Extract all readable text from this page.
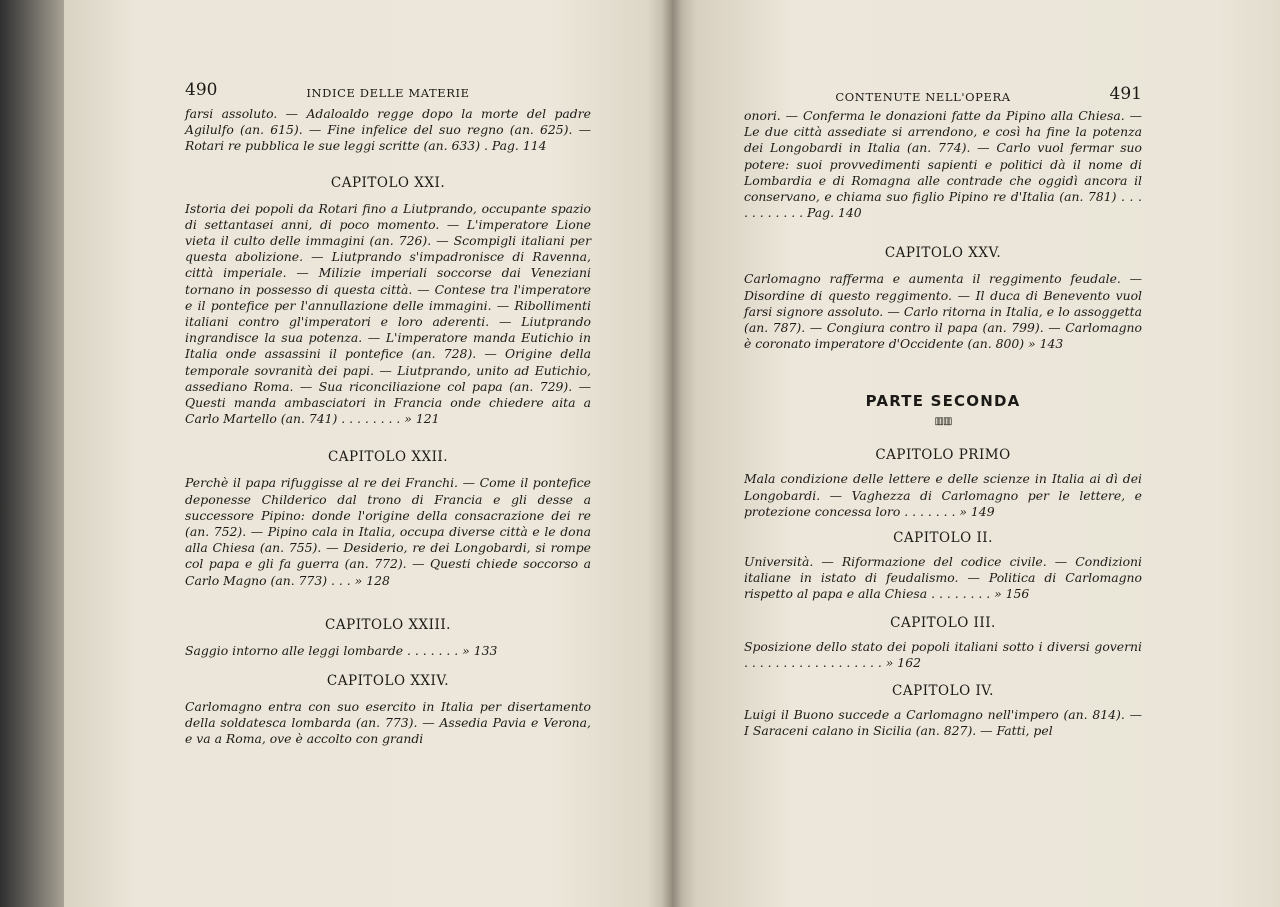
490	INDICE DELLE MATERIE
farsi assoluto. — Adaloaldo regge dopo la morte del padre Agilulfo (an. 615). — Fine infelice del suo regno (an. 625). — Rotari re pubblica le sue leggi scritte (an. 633) . Pag. 114
CAPITOLO XXI.
Istoria dei popoli da Rotari fino a Liutprando, occupante spazio di settantasei anni, di poco momento. — L'imperatore Lione vieta il culto delle immagini (an. 726). — Scompigli italiani per questa abolizione. — Liutprando s'impadronisce di Ravenna, città imperiale. — Milizie imperiali soccorse dai Veneziani tornano in possesso di questa città. — Contese tra l'imperatore e il pontefice per l'annullazione delle immagini. — Ribollimenti italiani contro gl'imperatori e loro aderenti. — Liutprando ingrandisce la sua potenza. — L'imperatore manda Eutichio in Italia onde assassini il pontefice (an. 728). — Origine della temporale sovranità dei papi. — Liutprando, unito ad Eutichio, assediano Roma. — Sua riconciliazione col papa (an. 729). — Questi manda ambasciatori in Francia onde chiedere aita a Carlo Martello (an. 741) . . . . . . . . » 121
CAPITOLO XXII.
Perchè il papa rifuggisse al re dei Franchi. — Come il pontefice deponesse Childerico dal trono di Francia e gli desse a successore Pipino: donde l'origine della consacrazione dei re (an. 752). — Pipino cala in Italia, occupa diverse città e le dona alla Chiesa (an. 755). — Desiderio, re dei Longobardi, si rompe col papa e gli fa guerra (an. 772). — Questi chiede soccorso a Carlo Magno (an. 773) . . . » 128
CAPITOLO XXIII.
Saggio intorno alle leggi lombarde . . . . . . . » 133
CAPITOLO XXIV.
Carlomagno entra con suo esercito in Italia per disertamento della soldatesca lombarda (an. 773). — Assedia Pavia e Verona, e va a Roma, ove è accolto con grandi
CONTENUTE NELL'OPERA	491
onori. — Conferma le donazioni fatte da Pipino alla Chiesa. — Le due città assediate si arrendono, e così ha fine la potenza dei Longobardi in Italia (an. 774). — Carlo vuol fermar suo potere: suoi provvedimenti sapienti e politici dà il nome di Lombardia e di Romagna alle contrade che oggidì ancora il conservano, e chiama suo figlio Pipino re d'Italia (an. 781) . . . . . . . . . . . Pag. 140
CAPITOLO XXV.
Carlomagno rafferma e aumenta il reggimento feudale. — Disordine di questo reggimento. — Il duca di Benevento vuol farsi signore assoluto. — Carlo ritorna in Italia, e lo assoggetta (an. 787). — Congiura contro il papa (an. 799). — Carlomagno è coronato imperatore d'Occidente (an. 800) » 143
PARTE SECONDA
▥▥
CAPITOLO PRIMO
Mala condizione delle lettere e delle scienze in Italia ai dì dei Longobardi. — Vaghezza di Carlomagno per le lettere, e protezione concessa loro . . . . . . . » 149
CAPITOLO II.
Università. — Riformazione del codice civile. — Condizioni italiane in istato di feudalismo. — Politica di Carlomagno rispetto al papa e alla Chiesa . . . . . . . . » 156
CAPITOLO III.
Sposizione dello stato dei popoli italiani sotto i diversi governi . . . . . . . . . . . . . . . . . . » 162
CAPITOLO IV.
Luigi il Buono succede a Carlomagno nell'impero (an. 814). — I Saraceni calano in Sicilia (an. 827). — Fatti, pel
